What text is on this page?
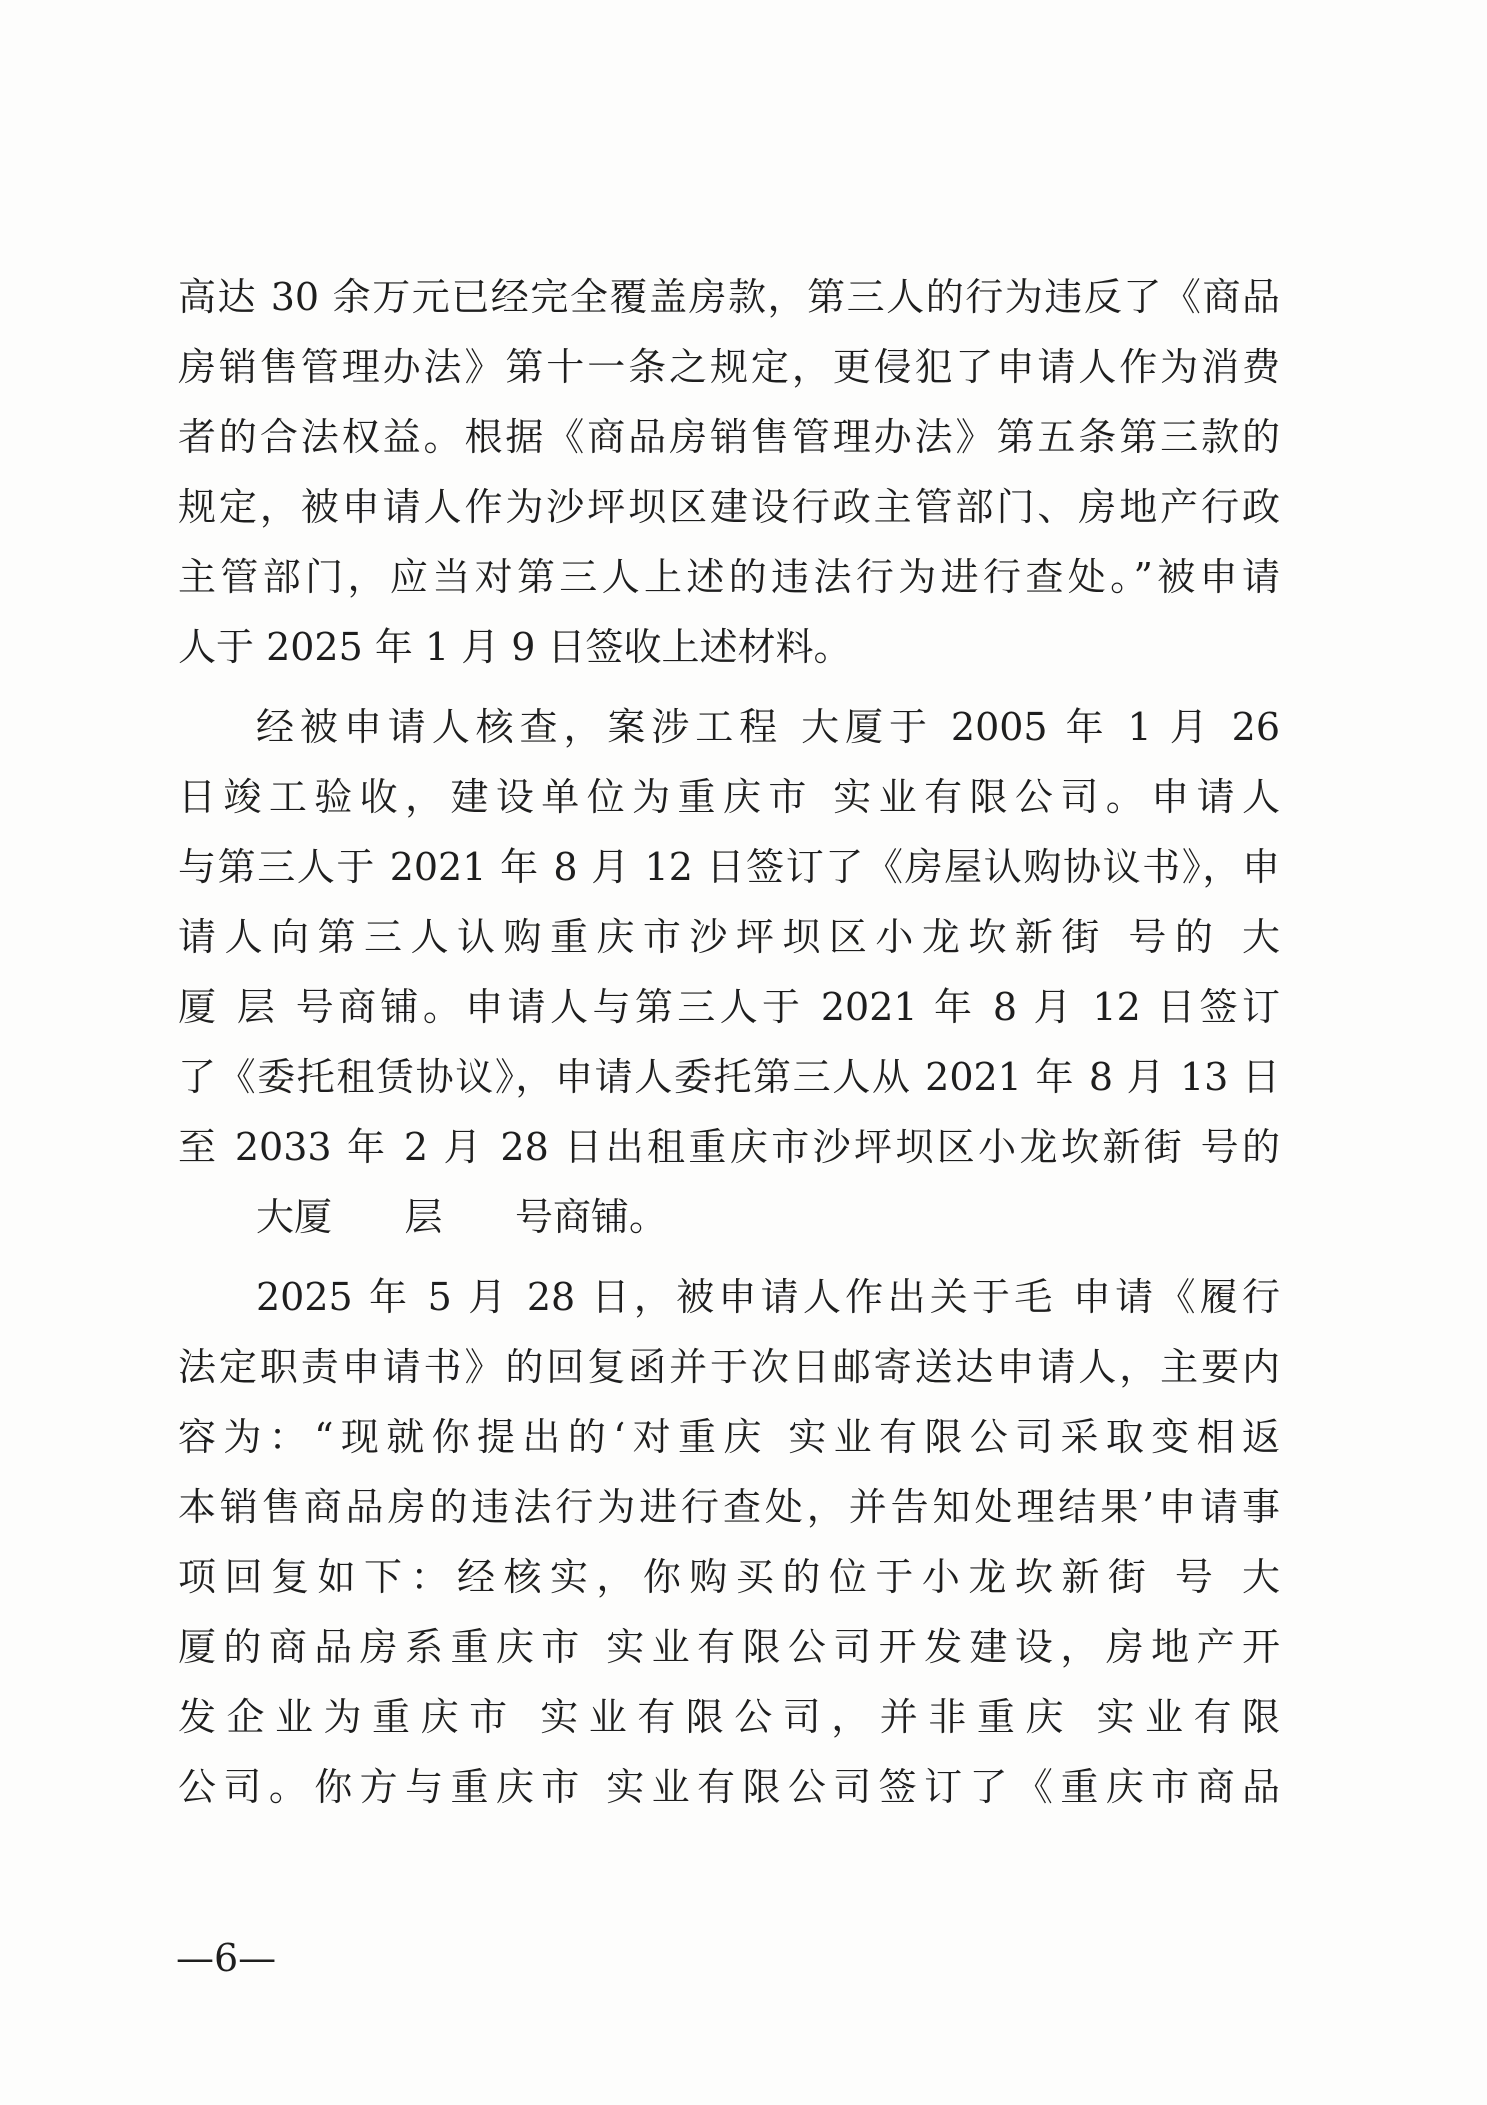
高达 30 余万元已经完全覆盖房款，第三人的行为违反了《商品
房销售管理办法》第十一条之规定，更侵犯了申请人作为消费
者的合法权益。根据《商品房销售管理办法》第五条第三款的
规定，被申请人作为沙坪坝区建设行政主管部门、房地产行政
主管部门，应当对第三人上述的违法行为进行查处。”被申请
人于 2025 年 1 月 9 日签收上述材料。
经被申请人核查，案涉工程 大厦于 2005 年 1 月 26
日竣工验收，建设单位为重庆市 实业有限公司。申请人
与第三人于 2021 年 8 月 12 日签订了《房屋认购协议书》，申
请人向第三人认购重庆市沙坪坝区小龙坎新街 号的 大
厦 层 号商铺。申请人与第三人于 2021 年 8 月 12 日签订
了《委托租赁协议》，申请人委托第三人从 2021 年 8 月 13 日
至 2033 年 2 月 28 日出租重庆市沙坪坝区小龙坎新街 号的
大厦      层      号商铺。
2025 年 5 月 28 日，被申请人作出关于毛 申请《履行
法定职责申请书》的回复函并于次日邮寄送达申请人，主要内
容为：“现就你提出的‘对重庆 实业有限公司采取变相返
本销售商品房的违法行为进行查处，并告知处理结果’申请事
项回复如下：经核实，你购买的位于小龙坎新街 号 大
厦的商品房系重庆市 实业有限公司开发建设，房地产开
发企业为重庆市 实业有限公司，并非重庆 实业有限
公司。你方与重庆市 实业有限公司签订了《重庆市商品
—6—
